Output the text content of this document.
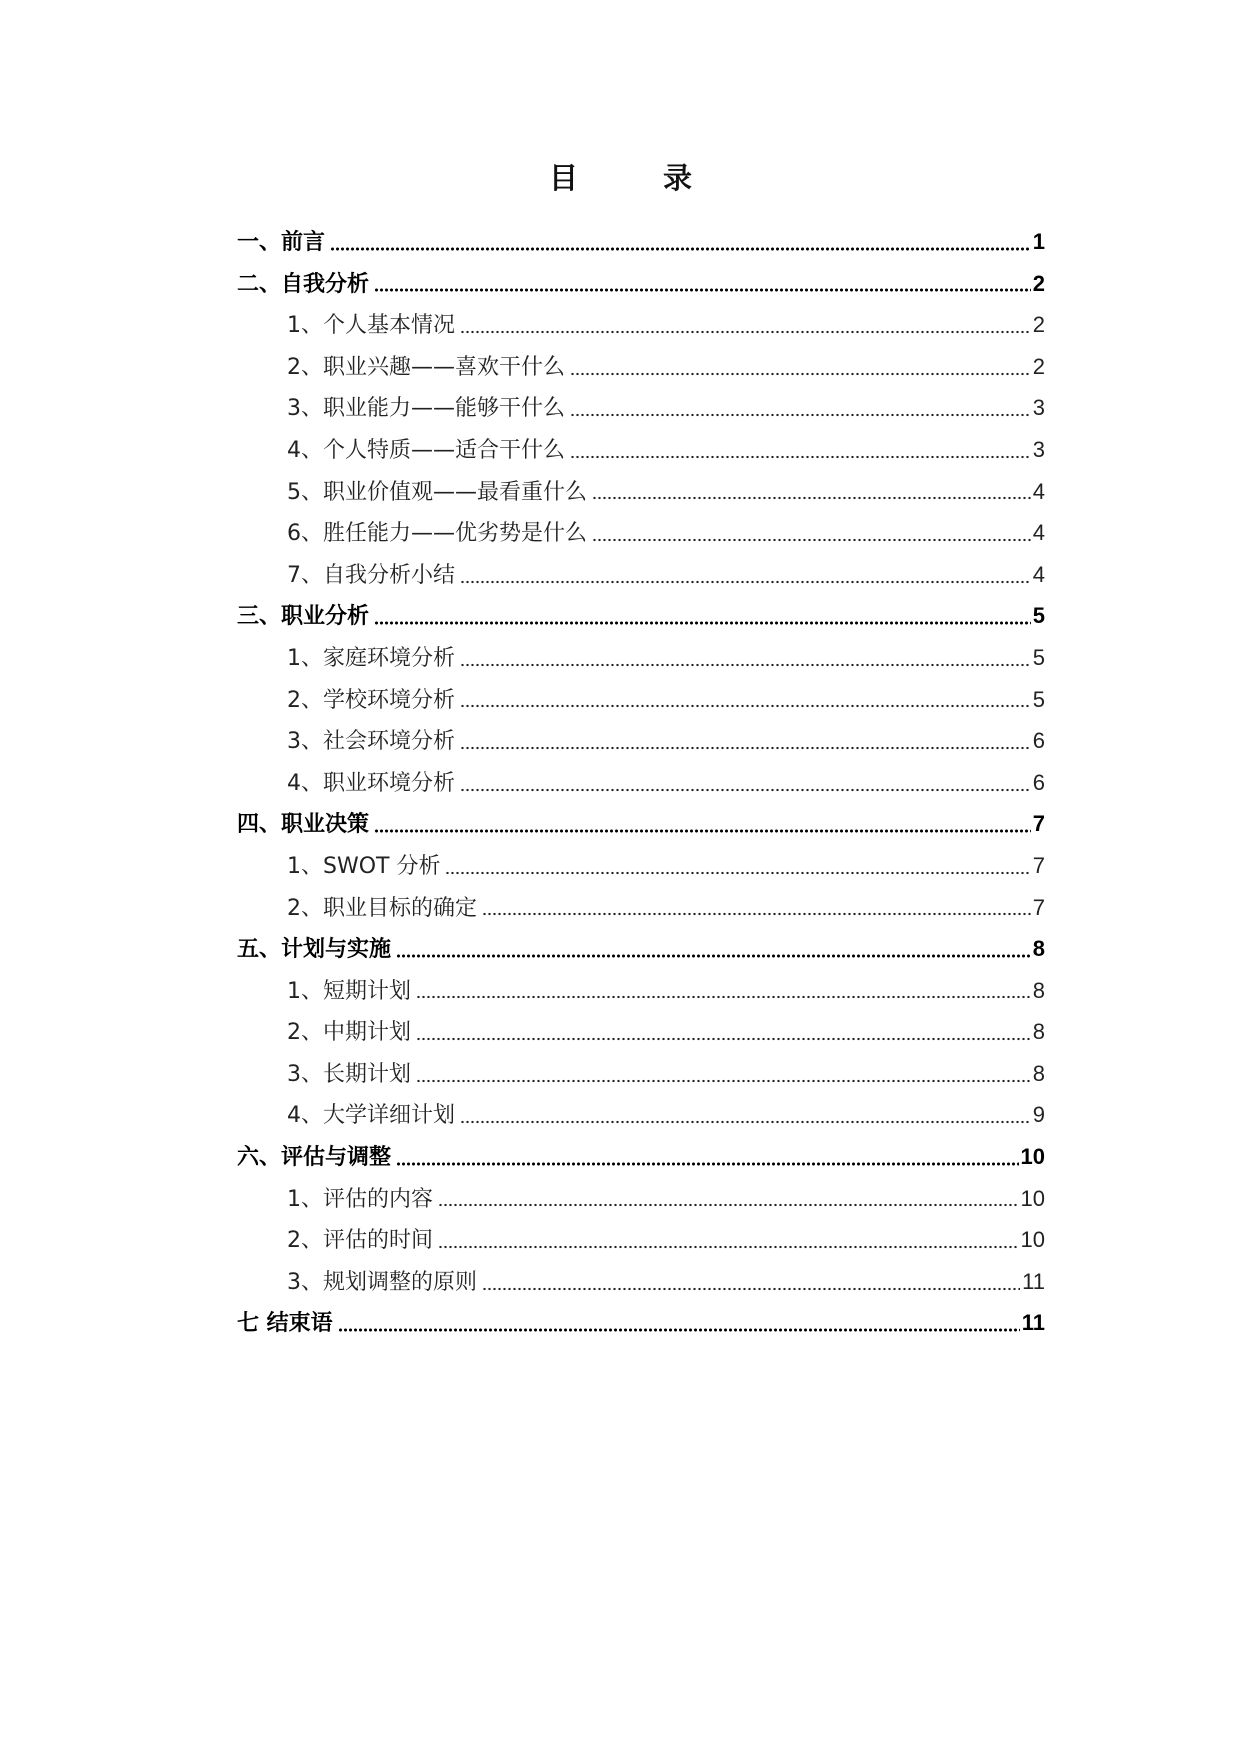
目　录
一、前言	1
二、自我分析	2
1、个人基本情况	2
2、职业兴趣——喜欢干什么	2
3、职业能力——能够干什么	3
4、个人特质——适合干什么	3
5、职业价值观——最看重什么	4
6、胜任能力——优劣势是什么	4
7、自我分析小结	4
三、职业分析	5
1、家庭环境分析	5
2、学校环境分析	5
3、社会环境分析	6
4、职业环境分析	6
四、职业决策	7
1、SWOT 分析	7
2、职业目标的确定	7
五、计划与实施	8
1、短期计划	8
2、中期计划	8
3、长期计划	8
4、大学详细计划	9
六、评估与调整	10
1、评估的内容	10
2、评估的时间	10
3、规划调整的原则	11
七 结束语	11
